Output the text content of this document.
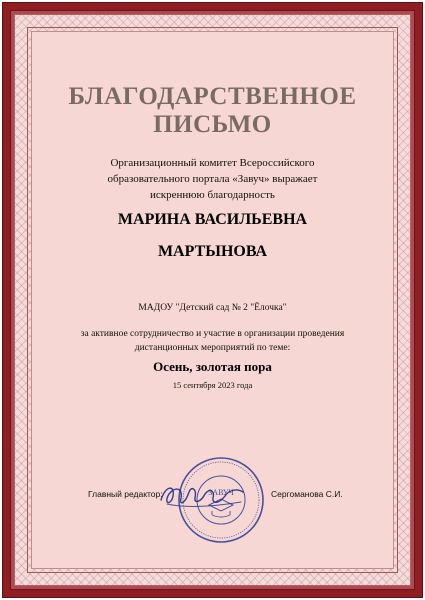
БЛАГОДАРСТВЕННОЕ
ПИСЬМО

Организационный комитет Всероссийского образовательного портала «Завуч» выражает искреннюю благодарность

МАРИНА ВАСИЛЬЕВНА

МАРТЫНОВА

МАДОУ "Детский сад № 2 "Ёлочка"

за активное сотрудничество и участие в организации проведения дистанционных мероприятий по теме:

Осень, золотая пора

15 сентября 2023 года

Главный редактор:	ЗАВУЧ	Сергоманова С.И.
